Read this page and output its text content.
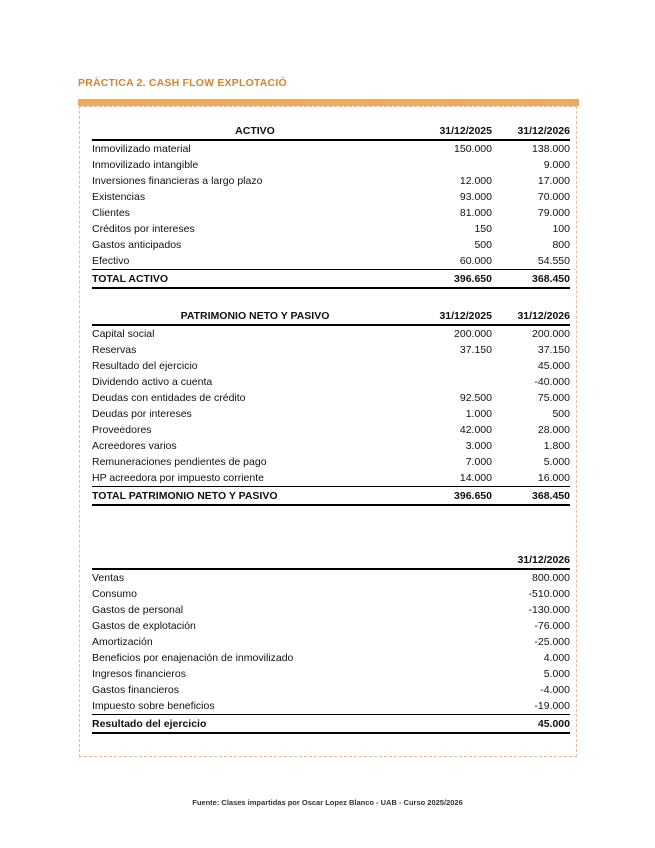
PRÀCTICA 2. CASH FLOW EXPLOTACIÓ
ACTIVO	31/12/2025		31/12/2026
Inmovilizado material	150.000		138.000
Inmovilizado intangible			9.000
Inversiones financieras a largo plazo	12.000		17.000
Existencias	93.000		70.000
Clientes	81.000		79.000
Créditos por intereses	150		100
Gastos anticipados	500		800
Efectivo	60.000		54.550
TOTAL ACTIVO	396.650		368.450
PATRIMONIO NETO Y PASIVO	31/12/2025		31/12/2026
Capital social	200.000		200.000
Reservas	37.150		37.150
Resultado del ejercicio			45.000
Dividendo activo a cuenta			-40.000
Deudas con entidades de crédito	92.500		75.000
Deudas por intereses	1.000		500
Proveedores	42.000		28.000
Acreedores varios	3.000		1.800
Remuneraciones pendientes de pago	7.000		5.000
HP acreedora por impuesto corriente	14.000		16.000
TOTAL PATRIMONIO NETO Y PASIVO	396.650		368.450
	31/12/2026
Ventas	800.000
Consumo	-510.000
Gastos de personal	-130.000
Gastos de explotación	-76.000
Amortización	-25.000
Beneficios por enajenación de inmovilizado	4.000
Ingresos financieros	5.000
Gastos financieros	-4.000
Impuesto sobre beneficios	-19.000
Resultado del ejercicio	45.000
Fuente: Clases impartidas por Oscar Lopez Blanco - UAB - Curso 2025/2026
